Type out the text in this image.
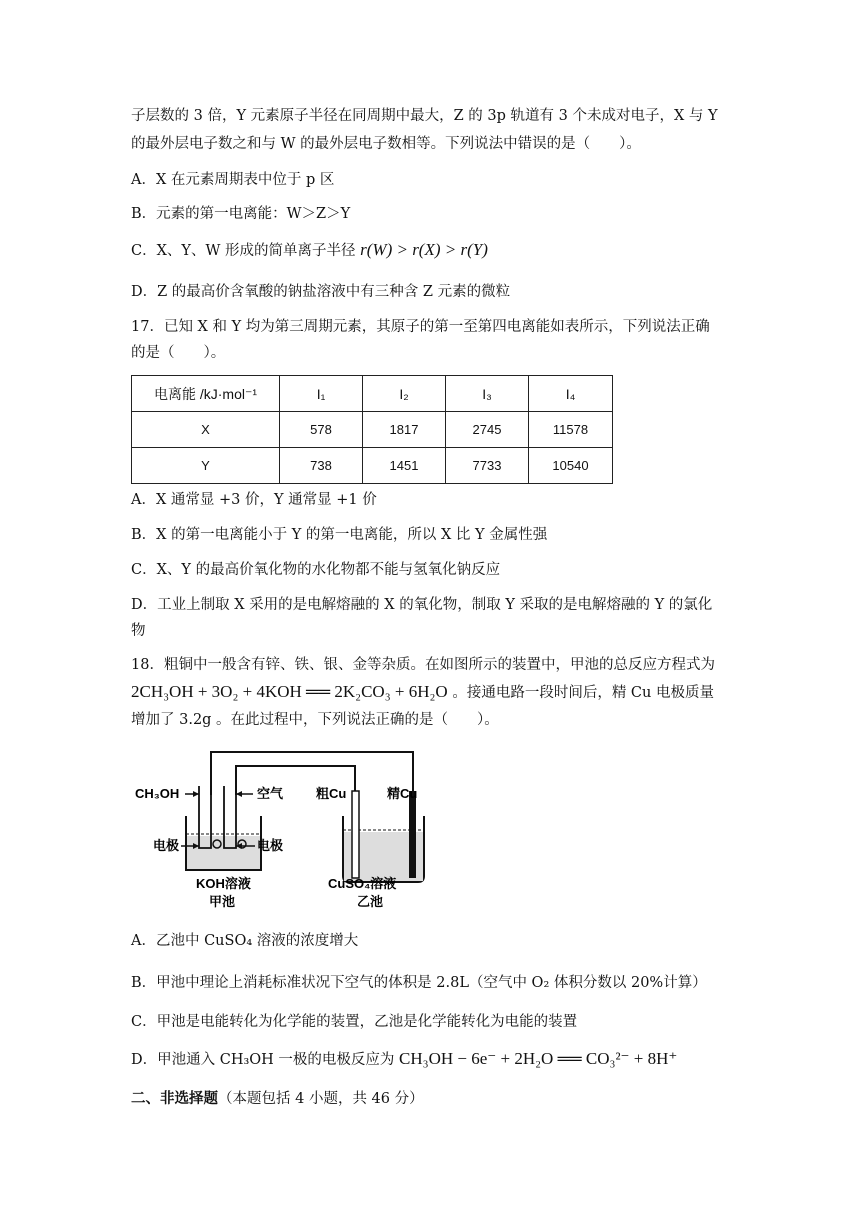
子层数的 3 倍，Y 元素原子半径在同周期中最大，Z 的 3p 轨道有 3 个未成对电子，X 与 Y
的最外层电子数之和与 W 的最外层电子数相等。下列说法中错误的是（　　）。
A．X 在元素周期表中位于 p 区
B．元素的第一电离能：W＞Z＞Y
C．X、Y、W 形成的简单离子半径 r(W) > r(X) > r(Y)
D．Z 的最高价含氧酸的钠盐溶液中有三种含 Z 元素的微粒
17．已知 X 和 Y 均为第三周期元素，其原子的第一至第四电离能如表所示，下列说法正确
的是（　　）。
电离能 /kJ·mol⁻¹	I₁	I₂	I₃	I₄
X	578	1817	2745	11578
Y	738	1451	7733	10540
A．X 通常显 +3 价，Y 通常显 +1 价
B．X 的第一电离能小于 Y 的第一电离能，所以 X 比 Y 金属性强
C．X、Y 的最高价氧化物的水化物都不能与氢氧化钠反应
D．工业上制取 X 采用的是电解熔融的 X 的氧化物，制取 Y 采取的是电解熔融的 Y 的氯化
物
18．粗铜中一般含有锌、铁、银、金等杂质。在如图所示的装置中，甲池的总反应方程式为
2CH₃OH + 3O₂ + 4KOH ══ 2K₂CO₃ + 6H₂O 。接通电路一段时间后，精 Cu 电极质量
增加了 3.2g 。在此过程中，下列说法正确的是（　　）。
CH₃OH	空气	粗Cu	精Cu
电极	电极
KOH溶液
甲池
CuSO₄溶液
乙池
A．乙池中 CuSO₄ 溶液的浓度增大
B．甲池中理论上消耗标准状况下空气的体积是 2.8L（空气中 O₂ 体积分数以 20%计算）
C．甲池是电能转化为化学能的装置，乙池是化学能转化为电能的装置
D．甲池通入 CH₃OH 一极的电极反应为 CH₃OH − 6e⁻ + 2H₂O ══ CO₃²⁻ + 8H⁺
二、非选择题（本题包括 4 小题，共 46 分）
